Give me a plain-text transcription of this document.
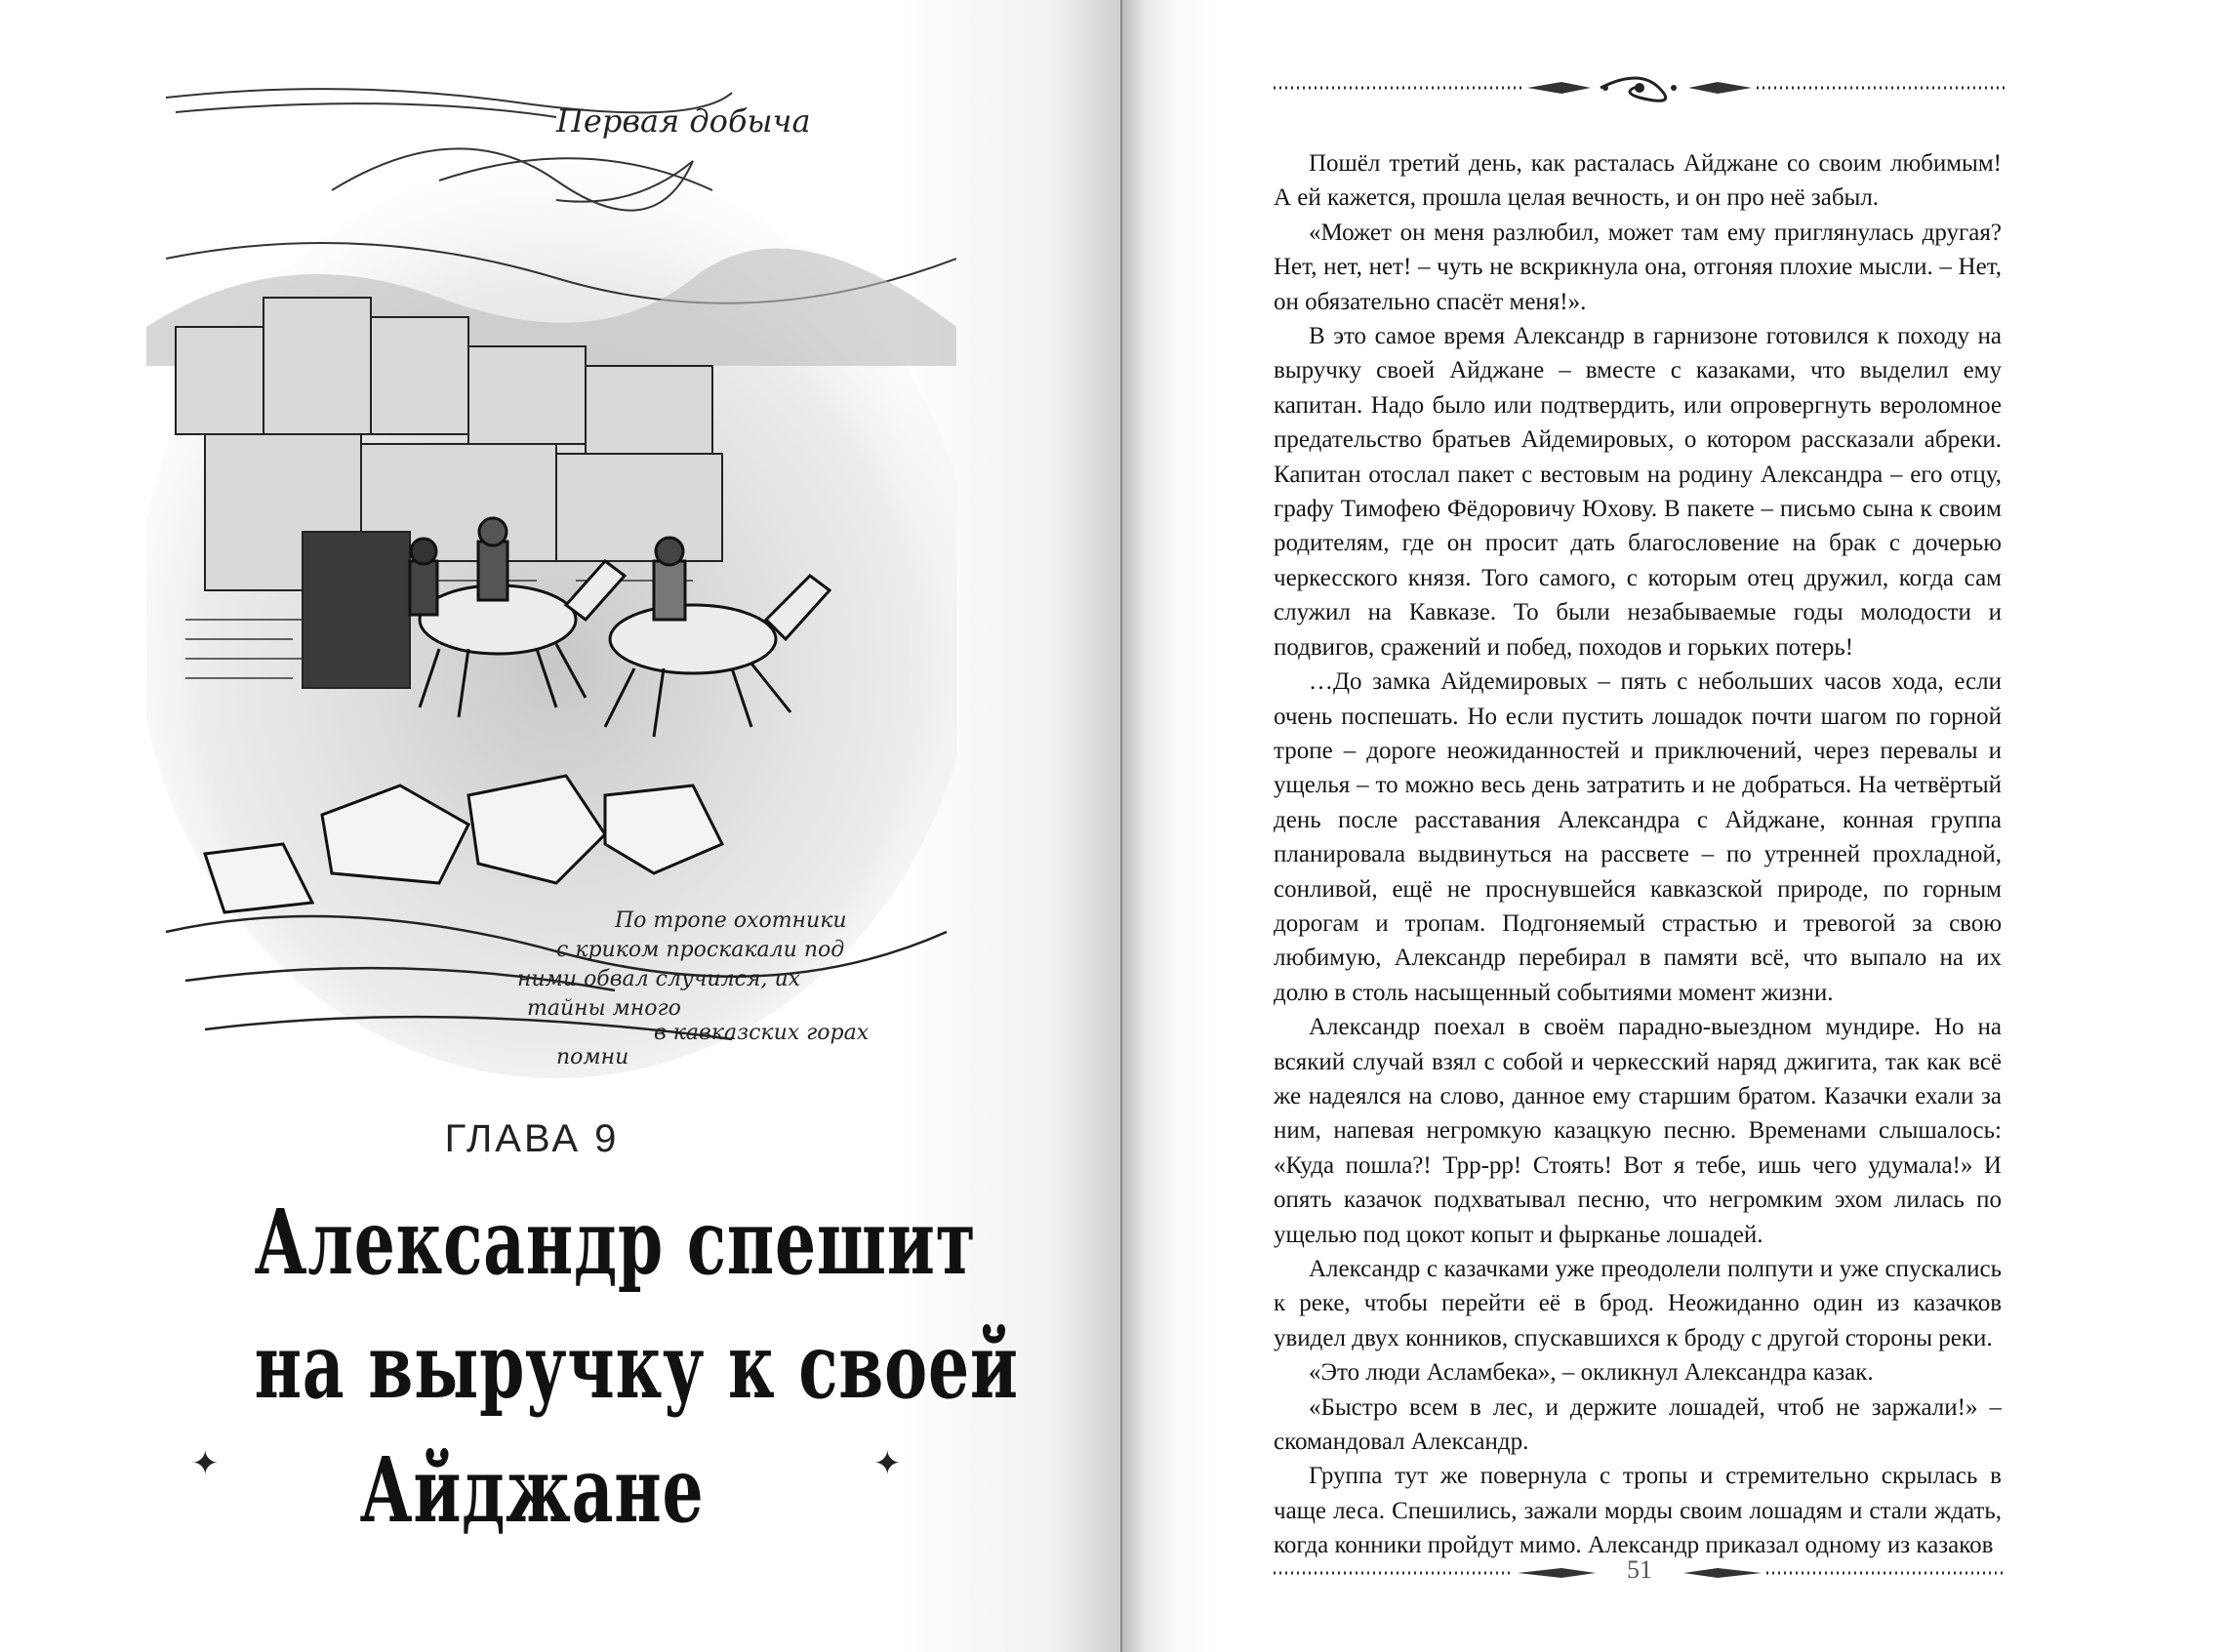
Первая добыча
По тропе охотники
с криком проскакали под
ними обвал случился, их
тайны много
в кавказских горах
помни
ГЛАВА 9
Александр спешит
на выручку к своей
Айджане
✦	✦

Пошёл третий день, как расталась Айджане со своим любимым! А ей кажется, прошла целая вечность, и он про неё забыл.

«Может он меня разлюбил, может там ему приглянулась другая? Нет, нет, нет! – чуть не вскрикнула она, отгоняя плохие мысли. – Нет, он обязательно спасёт меня!».

В это самое время Александр в гарнизоне готовился к походу на выручку своей Айджане – вместе с казаками, что выделил ему капитан. Надо было или подтвердить, или опровергнуть вероломное предательство братьев Айдемировых, о котором рассказали абреки. Капитан отослал пакет с вестовым на родину Александра – его отцу, графу Тимофею Фёдоровичу Юхову. В пакете – письмо сына к своим родителям, где он просит дать благословение на брак с дочерью черкесского князя. Того самого, с которым отец дружил, когда сам служил на Кавказе. То были незабываемые годы молодости и подвигов, сражений и побед, походов и горьких потерь!

…До замка Айдемировых – пять с небольших часов хода, если очень поспешать. Но если пустить лошадок почти шагом по горной тропе – дороге неожиданностей и приключений, через перевалы и ущелья – то можно весь день затратить и не добраться. На четвёртый день после расставания Александра с Айджане, конная группа планировала выдвинуться на рассвете – по утренней прохладной, сонливой, ещё не проснувшейся кавказской природе, по горным дорогам и тропам. Подгоняемый страстью и тревогой за свою любимую, Александр перебирал в памяти всё, что выпало на их долю в столь насыщенный событиями момент жизни.

Александр поехал в своём парадно-выездном мундире. Но на всякий случай взял с собой и черкесский наряд джигита, так как всё же надеялся на слово, данное ему старшим братом. Казачки ехали за ним, напевая негромкую казацкую песню. Временами слышалось: «Куда пошла?! Трр-рр! Стоять! Вот я тебе, ишь чего удумала!» И опять казачок подхватывал песню, что негромким эхом лилась по ущелью под цокот копыт и фырканье лошадей.

Александр с казачками уже преодолели полпути и уже спускались к реке, чтобы перейти её в брод. Неожиданно один из казачков увидел двух конников, спускавшихся к броду с другой стороны реки.

«Это люди Асламбека», – окликнул Александра казак.

«Быстро всем в лес, и держите лошадей, чтоб не заржали!» – скомандовал Александр.

Группа тут же повернула с тропы и стремительно скрылась в чаще леса. Спешились, зажали морды своим лошадям и стали ждать, когда конники пройдут мимо. Александр приказал одному из казаков

51
